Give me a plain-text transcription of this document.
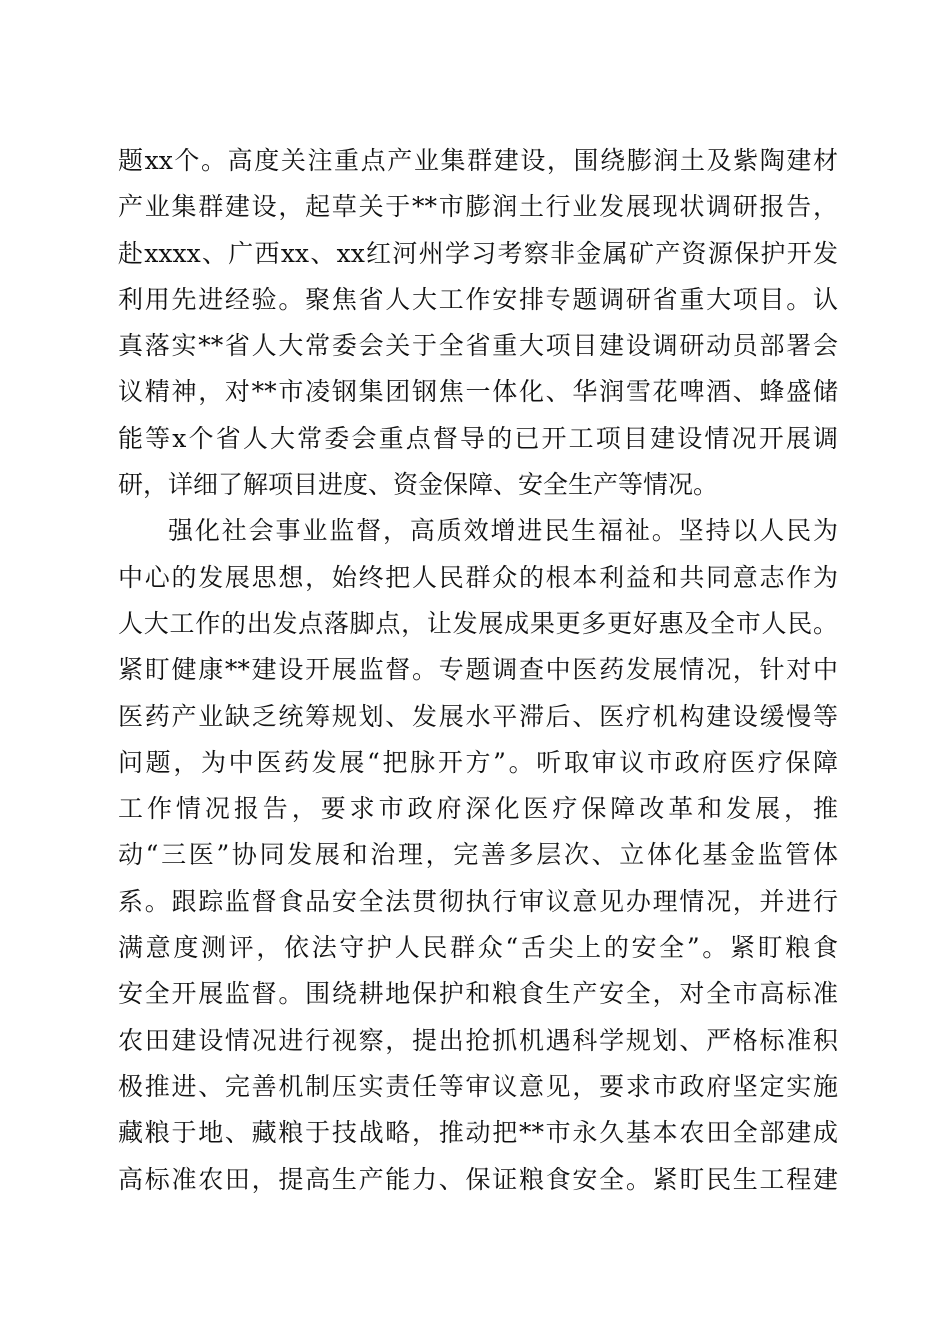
题xx个。高度关注重点产业集群建设，围绕膨润土及紫陶建材
产业集群建设，起草关于**市膨润土行业发展现状调研报告，
赴xxxx、广西xx、xx红河州学习考察非金属矿产资源保护开发
利用先进经验。聚焦省人大工作安排专题调研省重大项目。认
真落实**省人大常委会关于全省重大项目建设调研动员部署会
议精神，对**市凌钢集团钢焦一体化、华润雪花啤酒、蜂盛储
能等x个省人大常委会重点督导的已开工项目建设情况开展调
研，详细了解项目进度、资金保障、安全生产等情况。
强化社会事业监督，高质效增进民生福祉。坚持以人民为
中心的发展思想，始终把人民群众的根本利益和共同意志作为
人大工作的出发点落脚点，让发展成果更多更好惠及全市人民。
紧盯健康**建设开展监督。专题调查中医药发展情况，针对中
医药产业缺乏统筹规划、发展水平滞后、医疗机构建设缓慢等
问题，为中医药发展“把脉开方”。听取审议市政府医疗保障
工作情况报告，要求市政府深化医疗保障改革和发展，推
动“三医”协同发展和治理，完善多层次、立体化基金监管体
系。跟踪监督食品安全法贯彻执行审议意见办理情况，并进行
满意度测评，依法守护人民群众“舌尖上的安全”。紧盯粮食
安全开展监督。围绕耕地保护和粮食生产安全，对全市高标准
农田建设情况进行视察，提出抢抓机遇科学规划、严格标准积
极推进、完善机制压实责任等审议意见，要求市政府坚定实施
藏粮于地、藏粮于技战略，推动把**市永久基本农田全部建成
高标准农田，提高生产能力、保证粮食安全。紧盯民生工程建
